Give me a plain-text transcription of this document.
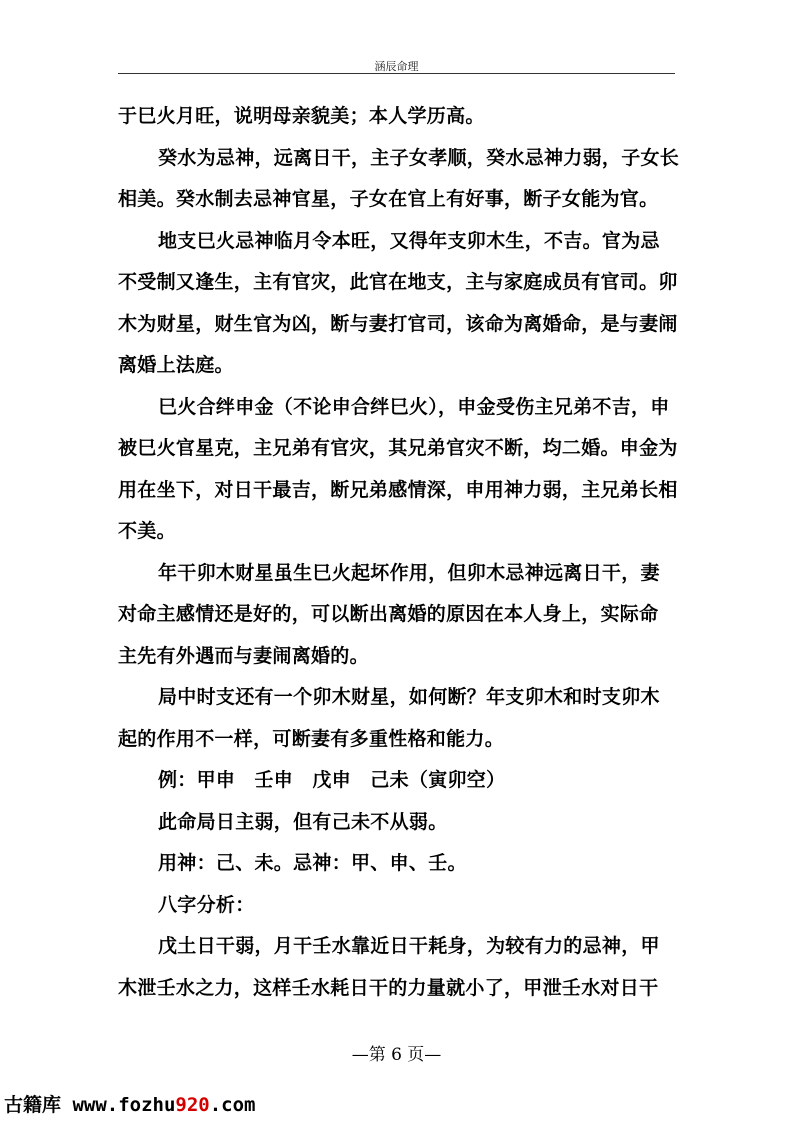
涵辰命理

于巳火月旺，说明母亲貌美；本人学历高。

癸水为忌神，远离日干，主子女孝顺，癸水忌神力弱，子女长

相美。癸水制去忌神官星，子女在官上有好事，断子女能为官。

地支巳火忌神临月令本旺，又得年支卯木生，不吉。官为忌

不受制又逢生，主有官灾，此官在地支，主与家庭成员有官司。卯

木为财星，财生官为凶，断与妻打官司，该命为离婚命，是与妻闹

离婚上法庭。

巳火合绊申金（不论申合绊巳火），申金受伤主兄弟不吉，申

被巳火官星克，主兄弟有官灾，其兄弟官灾不断，均二婚。申金为

用在坐下，对日干最吉，断兄弟感情深，申用神力弱，主兄弟长相

不美。

年干卯木财星虽生巳火起坏作用，但卯木忌神远离日干，妻

对命主感情还是好的，可以断出离婚的原因在本人身上，实际命

主先有外遇而与妻闹离婚的。

局中时支还有一个卯木财星，如何断？年支卯木和时支卯木

起的作用不一样，可断妻有多重性格和能力。

例：甲申　壬申　戊申　己未（寅卯空）

此命局日主弱，但有己未不从弱。

用神：己、未。忌神：甲、申、壬。

八字分析：

戊土日干弱，月干壬水靠近日干耗身，为较有力的忌神，甲

木泄壬水之力，这样壬水耗日干的力量就小了，甲泄壬水对日干

—第 6 页—
古籍库 www.fozhu920.com
